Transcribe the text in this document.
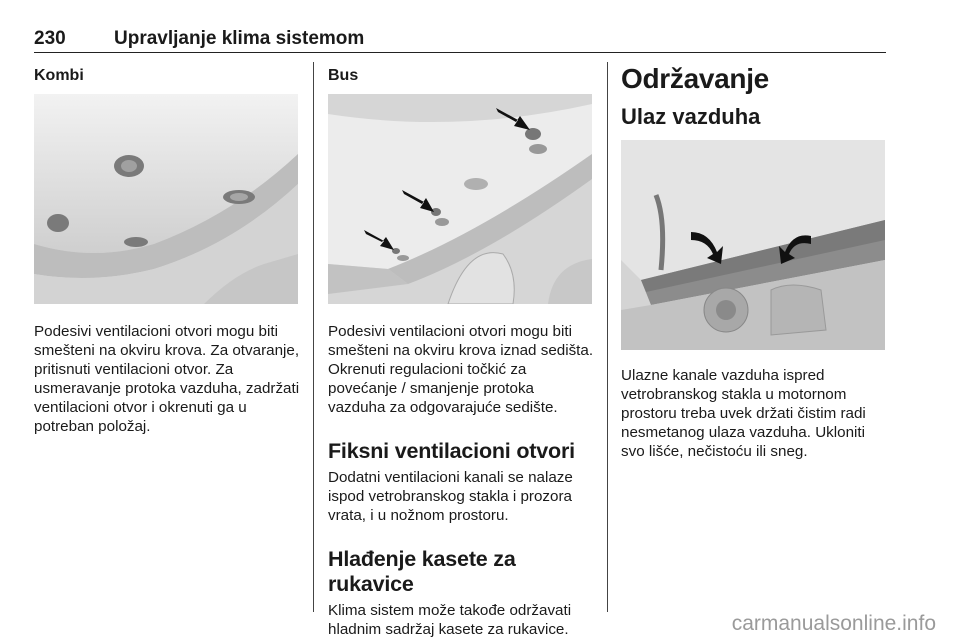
230	Upravljanje klima sistemom
Kombi

Podesivi ventilacioni otvori mogu biti smešteni na okviru krova. Za otvaranje, pritisnuti ventilacioni otvor. Za usmeravanje protoka vazduha, zadržati ventilacioni otvor i okrenuti ga u potreban položaj.

Bus

Podesivi ventilacioni otvori mogu biti smešteni na okviru krova iznad sedišta. Okrenuti regulacioni točkić za povećanje / smanjenje protoka vazduha za odgovarajuće sedište.

Fiksni ventilacioni otvori

Dodatni ventilacioni kanali se nalaze ispod vetrobranskog stakla i prozora vrata, i u nožnom prostoru.

Hlađenje kasete za rukavice

Klima sistem može takođe održavati hladnim sadržaj kasete za rukavice.

Održavanje
Ulaz vazduha

Ulazne kanale vazduha ispred vetrobranskog stakla u motornom prostoru treba uvek držati čistim radi nesmetanog ulaza vazduha. Ukloniti svo lišće, nečistoću ili sneg.

carmanualsonline.info
